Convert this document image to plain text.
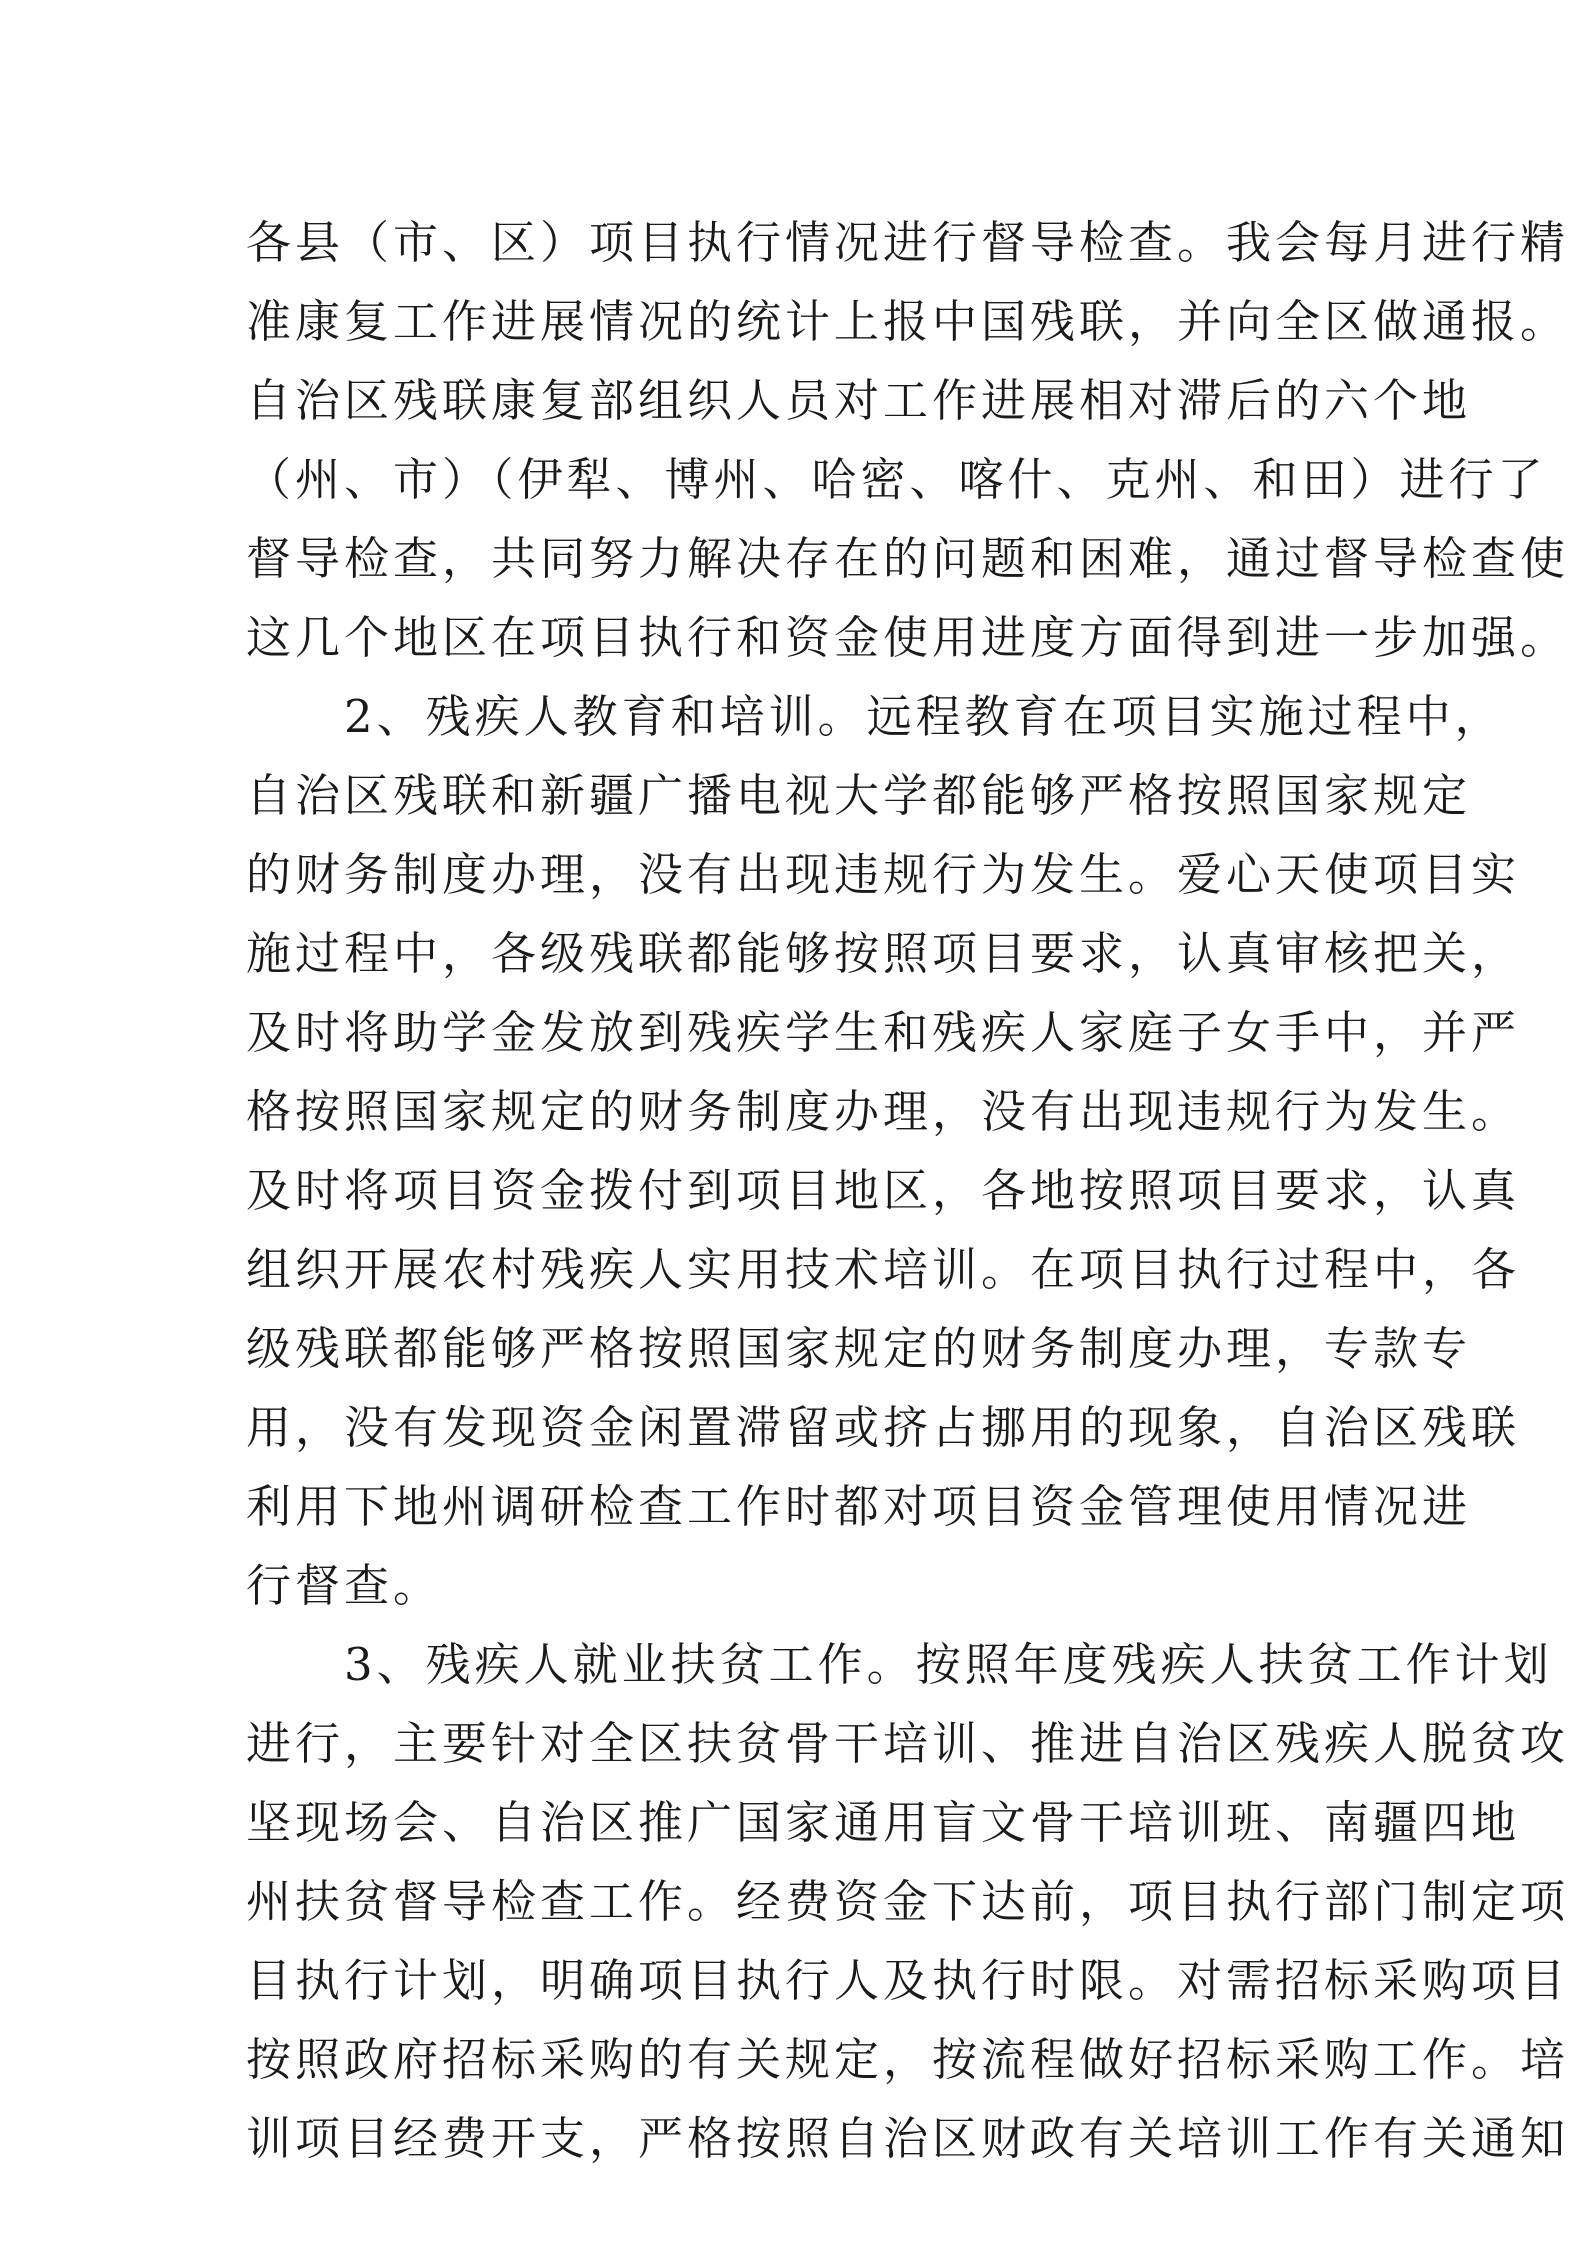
各县（市、区）项目执行情况进行督导检查。我会每月进行精
准康复工作进展情况的统计上报中国残联，并向全区做通报。
自治区残联康复部组织人员对工作进展相对滞后的六个地
（州、市）（伊犁、博州、哈密、喀什、克州、和田）进行了
督导检查，共同努力解决存在的问题和困难，通过督导检查使
这几个地区在项目执行和资金使用进度方面得到进一步加强。
　　2、残疾人教育和培训。远程教育在项目实施过程中，
自治区残联和新疆广播电视大学都能够严格按照国家规定
的财务制度办理，没有出现违规行为发生。爱心天使项目实
施过程中，各级残联都能够按照项目要求，认真审核把关，
及时将助学金发放到残疾学生和残疾人家庭子女手中，并严
格按照国家规定的财务制度办理，没有出现违规行为发生。
及时将项目资金拨付到项目地区，各地按照项目要求，认真
组织开展农村残疾人实用技术培训。在项目执行过程中，各
级残联都能够严格按照国家规定的财务制度办理，专款专
用，没有发现资金闲置滞留或挤占挪用的现象，自治区残联
利用下地州调研检查工作时都对项目资金管理使用情况进
行督查。
　　3、残疾人就业扶贫工作。按照年度残疾人扶贫工作计划
进行，主要针对全区扶贫骨干培训、推进自治区残疾人脱贫攻
坚现场会、自治区推广国家通用盲文骨干培训班、南疆四地
州扶贫督导检查工作。经费资金下达前，项目执行部门制定项
目执行计划，明确项目执行人及执行时限。对需招标采购项目
按照政府招标采购的有关规定，按流程做好招标采购工作。培
训项目经费开支，严格按照自治区财政有关培训工作有关通知
